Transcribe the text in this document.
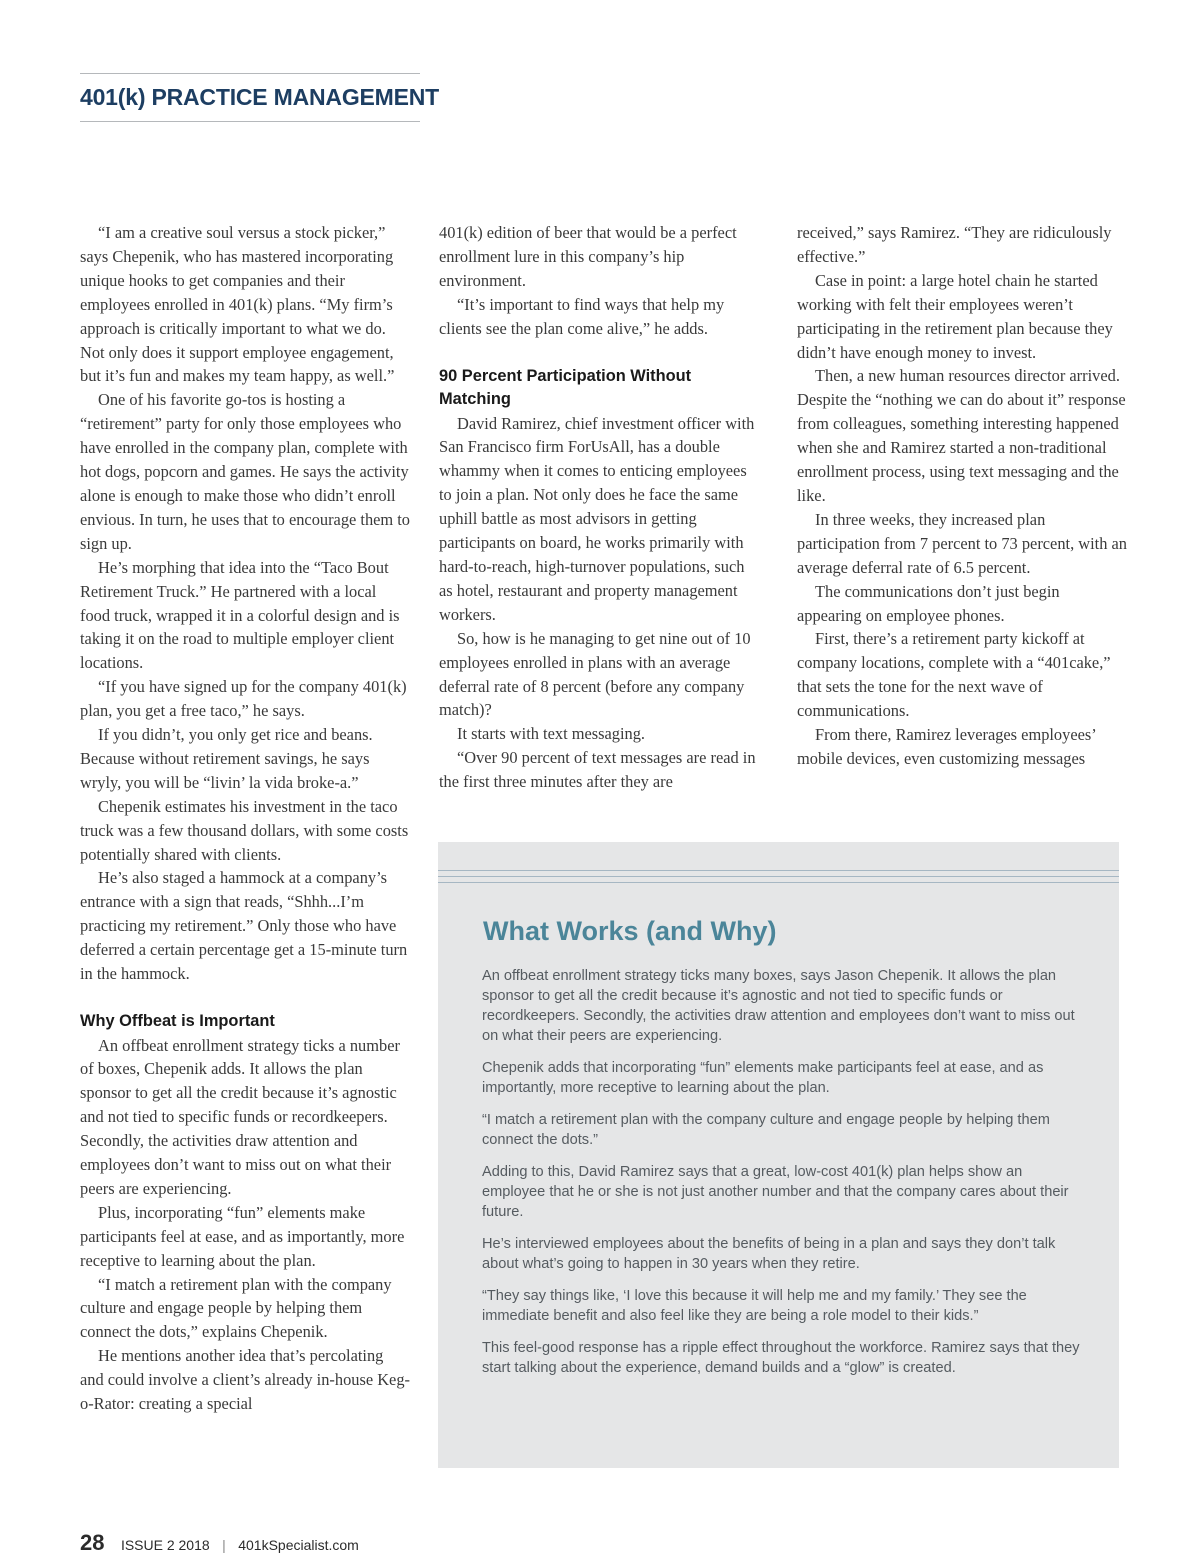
401(k) PRACTICE MANAGEMENT

“I am a creative soul versus a stock picker,” says Chepenik, who has mastered incorporating unique hooks to get companies and their employees enrolled in 401(k) plans. “My firm’s approach is critically important to what we do. Not only does it support employee engagement, but it’s fun and makes my team happy, as well.”

One of his favorite go-tos is hosting a “retirement” party for only those employees who have enrolled in the company plan, complete with hot dogs, popcorn and games. He says the activity alone is enough to make those who didn’t enroll envious. In turn, he uses that to encourage them to sign up.

He’s morphing that idea into the “Taco Bout Retirement Truck.” He partnered with a local food truck, wrapped it in a colorful design and is taking it on the road to multiple employer client locations.

“If you have signed up for the company 401(k) plan, you get a free taco,” he says.

If you didn’t, you only get rice and beans. Because without retirement savings, he says wryly, you will be “livin’ la vida broke-a.”

Chepenik estimates his investment in the taco truck was a few thousand dollars, with some costs potentially shared with clients.

He’s also staged a hammock at a company’s entrance with a sign that reads, “Shhh...I’m practicing my retirement.” Only those who have deferred a certain percentage get a 15-minute turn in the hammock.

Why Offbeat is Important

An offbeat enrollment strategy ticks a number of boxes, Chepenik adds. It allows the plan sponsor to get all the credit because it’s agnostic and not tied to specific funds or recordkeepers. Secondly, the activities draw attention and employees don’t want to miss out on what their peers are experiencing.

Plus, incorporating “fun” elements make participants feel at ease, and as importantly, more receptive to learning about the plan.

“I match a retirement plan with the company culture and engage people by helping them connect the dots,” explains Chepenik.

He mentions another idea that’s percolating and could involve a client’s already in-house Keg-o-Rator: creating a special

401(k) edition of beer that would be a perfect enrollment lure in this company’s hip environment.

“It’s important to find ways that help my clients see the plan come alive,” he adds.

90 Percent Participation Without Matching

David Ramirez, chief investment officer with San Francisco firm ForUsAll, has a double whammy when it comes to enticing employees to join a plan. Not only does he face the same uphill battle as most advisors in getting participants on board, he works primarily with hard-to-reach, high-turnover populations, such as hotel, restaurant and property management workers.

So, how is he managing to get nine out of 10 employees enrolled in plans with an average deferral rate of 8 percent (before any company match)?

It starts with text messaging.

“Over 90 percent of text messages are read in the first three minutes after they are

received,” says Ramirez. “They are ridiculously effective.”

Case in point: a large hotel chain he started working with felt their employees weren’t participating in the retirement plan because they didn’t have enough money to invest.

Then, a new human resources director arrived. Despite the “nothing we can do about it” response from colleagues, something interesting happened when she and Ramirez started a non-traditional enrollment process, using text messaging and the like.

In three weeks, they increased plan participation from 7 percent to 73 percent, with an average deferral rate of 6.5 percent.

The communications don’t just begin appearing on employee phones.

First, there’s a retirement party kickoff at company locations, complete with a “401cake,” that sets the tone for the next wave of communications.

From there, Ramirez leverages employees’ mobile devices, even customizing messages

What Works (and Why)

An offbeat enrollment strategy ticks many boxes, says Jason Chepenik. It allows the plan sponsor to get all the credit because it’s agnostic and not tied to specific funds or recordkeepers. Secondly, the activities draw attention and employees don’t want to miss out on what their peers are experiencing.

Chepenik adds that incorporating “fun” elements make participants feel at ease, and as importantly, more receptive to learning about the plan.

“I match a retirement plan with the company culture and engage people by helping them connect the dots.”

Adding to this, David Ramirez says that a great, low-cost 401(k) plan helps show an employee that he or she is not just another number and that the company cares about their future.

He’s interviewed employees about the benefits of being in a plan and says they don’t talk about what’s going to happen in 30 years when they retire.

“They say things like, ‘I love this because it will help me and my family.’ They see the immediate benefit and also feel like they are being a role model to their kids.”

This feel-good response has a ripple effect throughout the workforce. Ramirez says that they start talking about the experience, demand builds and a “glow” is created.

28 ISSUE 2 2018 | 401kSpecialist.com
